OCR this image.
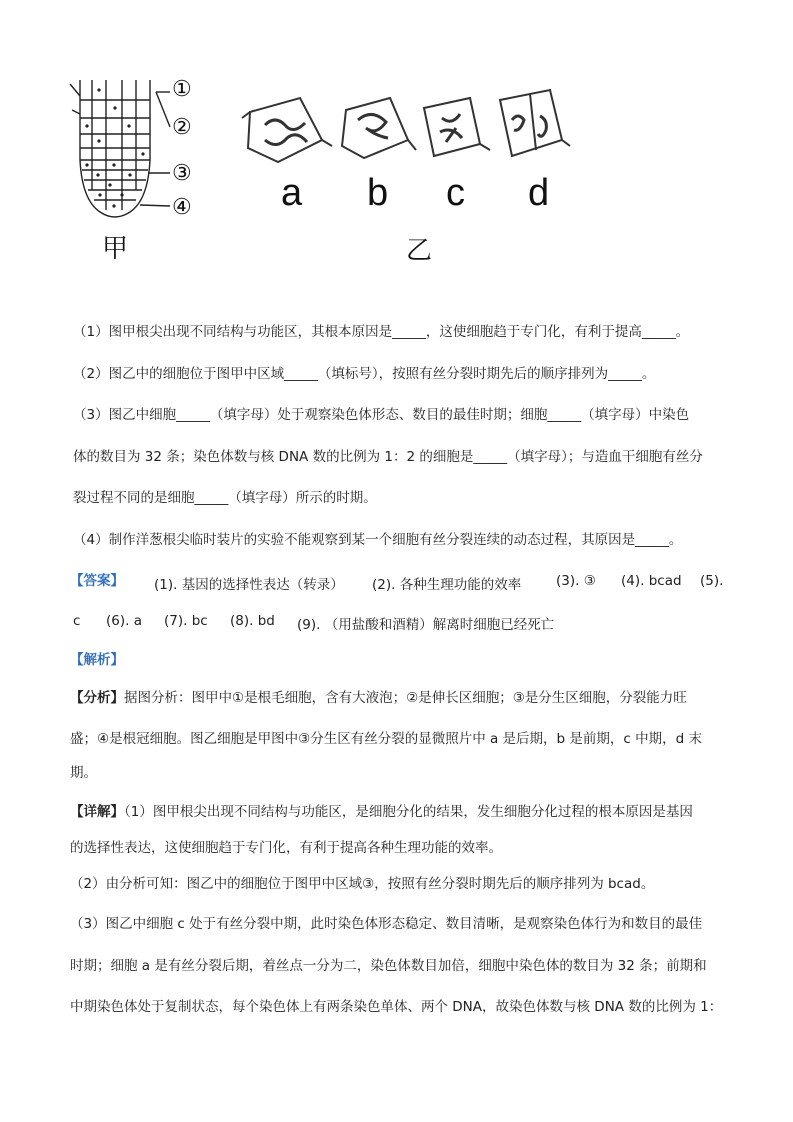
①
②
③
④
甲
a b c d
乙
（1）图甲根尖出现不同结构与功能区，其根本原因是_____，这使细胞趋于专门化，有利于提高_____。
（2）图乙中的细胞位于图甲中区域_____（填标号），按照有丝分裂时期先后的顺序排列为_____。
（3）图乙中细胞_____（填字母）处于观察染色体形态、数目的最佳时期；细胞_____（填字母）中染色
体的数目为 32 条；染色体数与核 DNA 数的比例为 1：2 的细胞是_____（填字母）；与造血干细胞有丝分
裂过程不同的是细胞_____（填字母）所示的时期。
（4）制作洋葱根尖临时装片的实验不能观察到某一个细胞有丝分裂连续的动态过程，其原因是_____。
【答案】 (1). 基因的选择性表达（转录） (2). 各种生理功能的效率	(3). ③ (4). bcad (5).
c (6). a (7). bc (8). bd (9). （用盐酸和酒精）解离时细胞已经死亡
【解析】
【分析】据图分析：图甲中①是根毛细胞，含有大液泡；②是伸长区细胞；③是分生区细胞，分裂能力旺
盛；④是根冠细胞。图乙细胞是甲图中③分生区有丝分裂的显微照片中 a 是后期，b 是前期，c 中期，d 末
期。
【详解】（1）图甲根尖出现不同结构与功能区，是细胞分化的结果，发生细胞分化过程的根本原因是基因
的选择性表达，这使细胞趋于专门化，有利于提高各种生理功能的效率。
（2）由分析可知：图乙中的细胞位于图甲中区域③，按照有丝分裂时期先后的顺序排列为 bcad。
（3）图乙中细胞 c 处于有丝分裂中期，此时染色体形态稳定、数目清晰，是观察染色体行为和数目的最佳
时期；细胞 a 是有丝分裂后期，着丝点一分为二，染色体数目加倍，细胞中染色体的数目为 32 条；前期和
中期染色体处于复制状态，每个染色体上有两条染色单体、两个 DNA，故染色体数与核 DNA 数的比例为 1：
